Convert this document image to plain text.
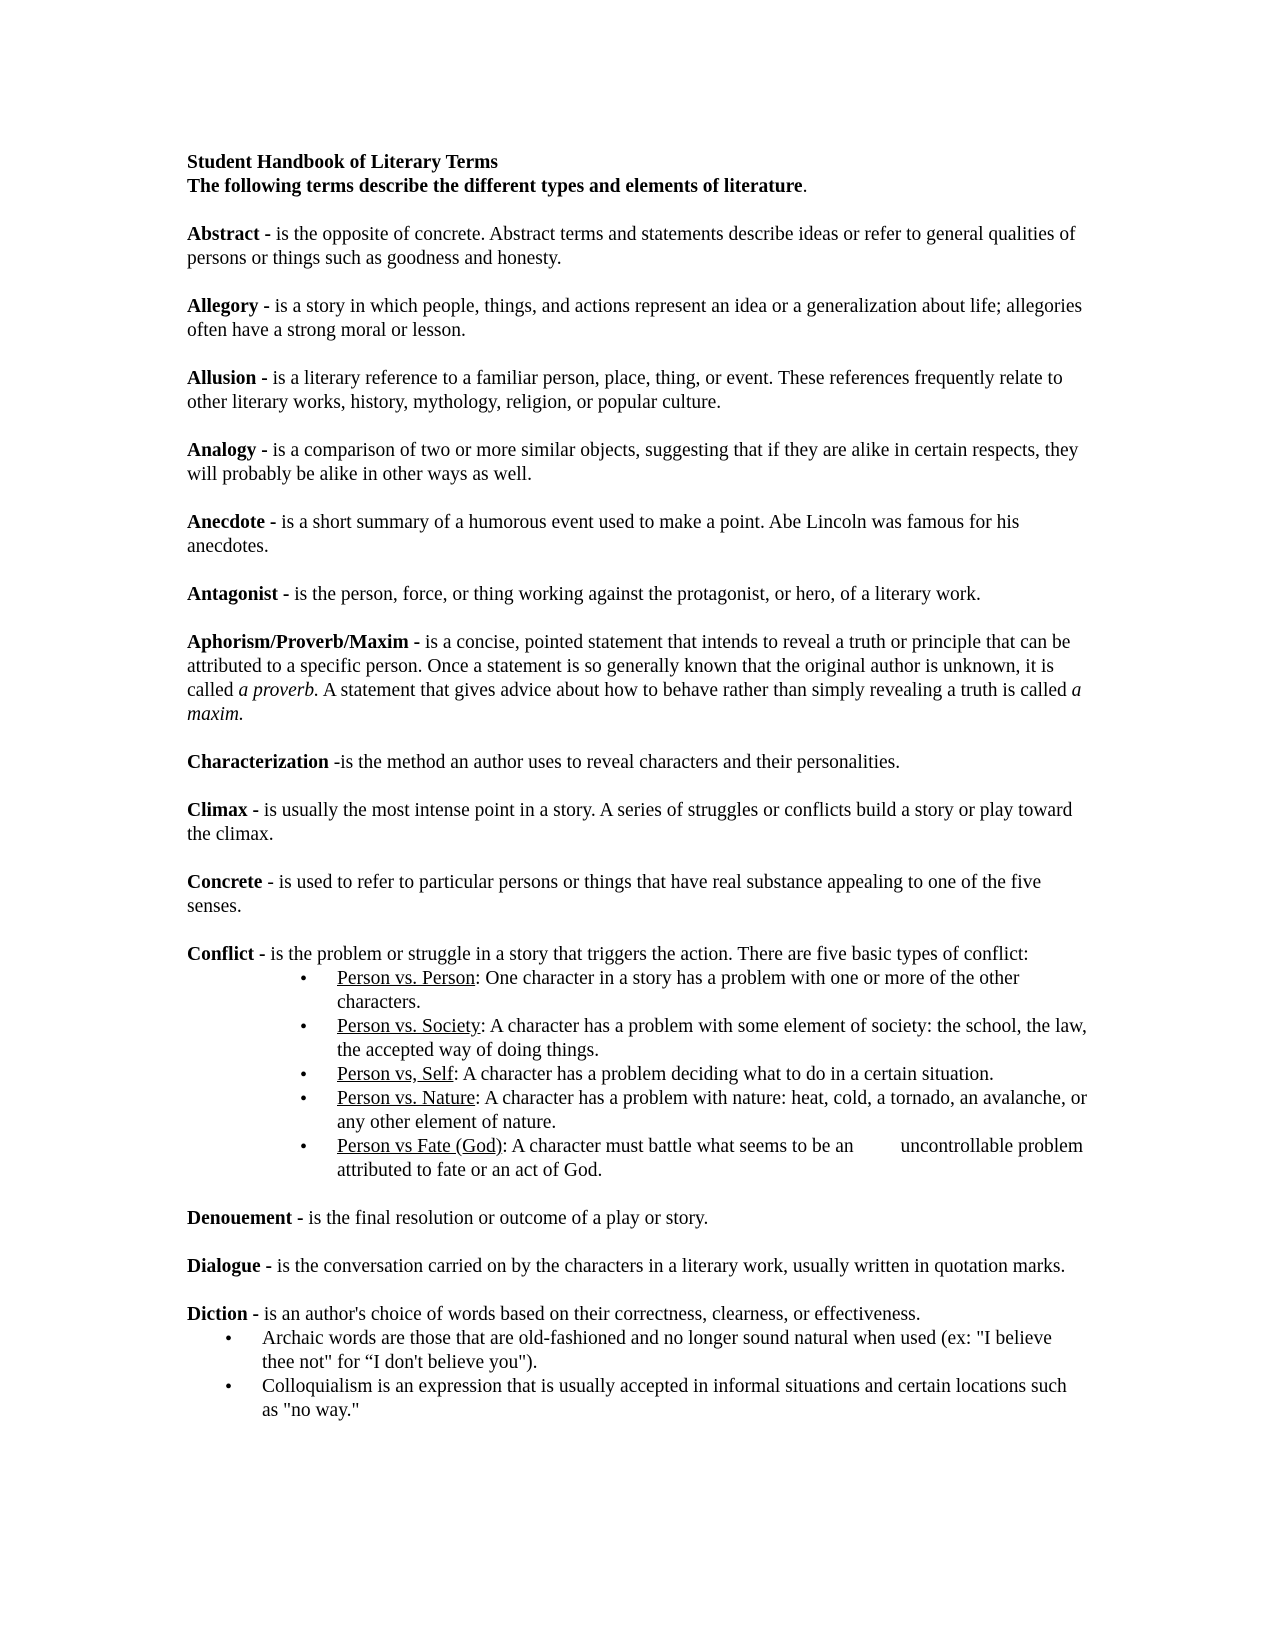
Student Handbook of Literary Terms

The following terms describe the different types and elements of literature.

Abstract - is the opposite of concrete. Abstract terms and statements describe ideas or refer to general qualities of persons or things such as goodness and honesty.

Allegory - is a story in which people, things, and actions represent an idea or a generalization about life; allegories often have a strong moral or lesson.

Allusion - is a literary reference to a familiar person, place, thing, or event. These references frequently relate to other literary works, history, mythology, religion, or popular culture.

Analogy - is a comparison of two or more similar objects, suggesting that if they are alike in certain respects, they will probably be alike in other ways as well.

Anecdote - is a short summary of a humorous event used to make a point. Abe Lincoln was famous for his anecdotes.

Antagonist - is the person, force, or thing working against the protagonist, or hero, of a literary work.

Aphorism/Proverb/Maxim - is a concise, pointed statement that intends to reveal a truth or principle that can be attributed to a specific person. Once a statement is so generally known that the original author is unknown, it is called a proverb. A statement that gives advice about how to behave rather than simply revealing a truth is called a maxim.

Characterization -is the method an author uses to reveal characters and their personalities.

Climax - is usually the most intense point in a story. A series of struggles or conflicts build a story or play toward the climax.

Concrete - is used to refer to particular persons or things that have real substance appealing to one of the five senses.

Conflict - is the problem or struggle in a story that triggers the action. There are five basic types of conflict:

• Person vs. Person: One character in a story has a problem with one or more of the other characters.
• Person vs. Society: A character has a problem with some element of society: the school, the law, the accepted way of doing things.
• Person vs, Self: A character has a problem deciding what to do in a certain situation.
• Person vs. Nature: A character has a problem with nature: heat, cold, a tornado, an avalanche, or any other element of nature.
• Person vs Fate (God): A character must battle what seems to be an uncontrollable problem attributed to fate or an act of God.

Denouement - is the final resolution or outcome of a play or story.

Dialogue - is the conversation carried on by the characters in a literary work, usually written in quotation marks.

Diction - is an author's choice of words based on their correctness, clearness, or effectiveness.

• Archaic words are those that are old-fashioned and no longer sound natural when used (ex: "I believe thee not" for “I don't believe you").
• Colloquialism is an expression that is usually accepted in informal situations and certain locations such as "no way."
